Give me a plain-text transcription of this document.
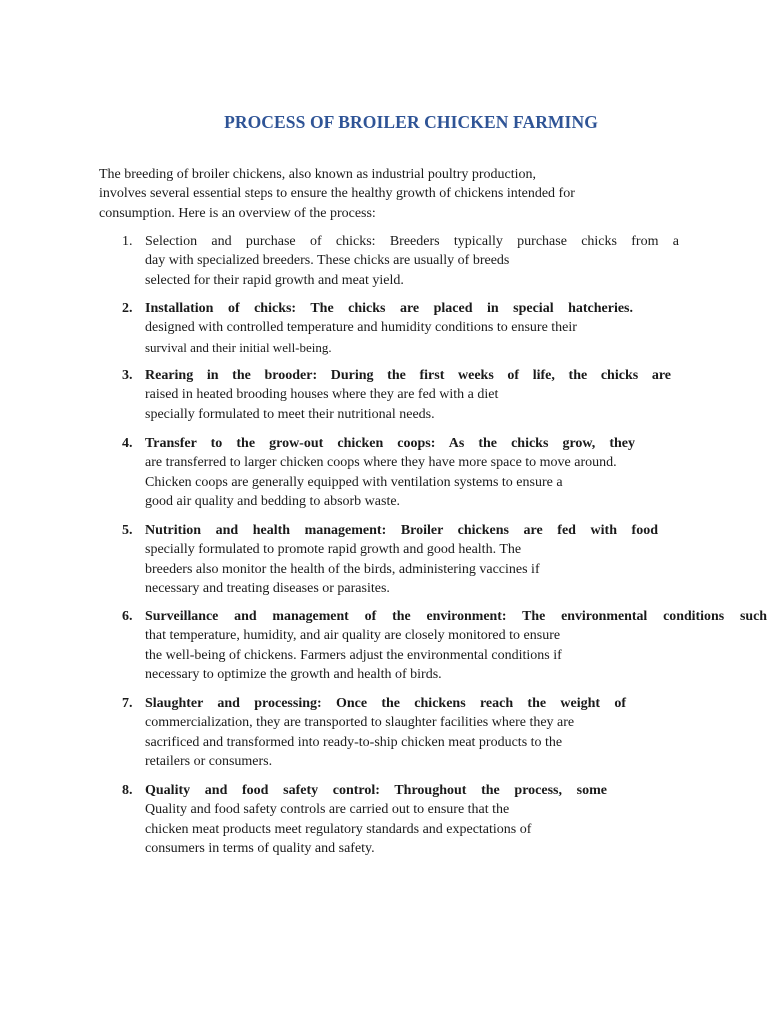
PROCESS OF BROILER CHICKEN FARMING
The breeding of broiler chickens, also known as industrial poultry production,
involves several essential steps to ensure the healthy growth of chickens intended for
consumption. Here is an overview of the process:
1. Selection and purchase of chicks: Breeders typically purchase chicks from a
day with specialized breeders. These chicks are usually of breeds
selected for their rapid growth and meat yield.
2. Installation of chicks: The chicks are placed in special hatcheries.
designed with controlled temperature and humidity conditions to ensure their
survival and their initial well-being.
3. Rearing in the brooder: During the first weeks of life, the chicks are
raised in heated brooding houses where they are fed with a diet
specially formulated to meet their nutritional needs.
4. Transfer to the grow-out chicken coops: As the chicks grow, they
are transferred to larger chicken coops where they have more space to move around.
Chicken coops are generally equipped with ventilation systems to ensure a
good air quality and bedding to absorb waste.
5. Nutrition and health management: Broiler chickens are fed with food
specially formulated to promote rapid growth and good health. The
breeders also monitor the health of the birds, administering vaccines if
necessary and treating diseases or parasites.
6. Surveillance and management of the environment: The environmental conditions such
that temperature, humidity, and air quality are closely monitored to ensure
the well-being of chickens. Farmers adjust the environmental conditions if
necessary to optimize the growth and health of birds.
7. Slaughter and processing: Once the chickens reach the weight of
commercialization, they are transported to slaughter facilities where they are
sacrificed and transformed into ready-to-ship chicken meat products to the
retailers or consumers.
8. Quality and food safety control: Throughout the process, some
Quality and food safety controls are carried out to ensure that the
chicken meat products meet regulatory standards and expectations of
consumers in terms of quality and safety.
